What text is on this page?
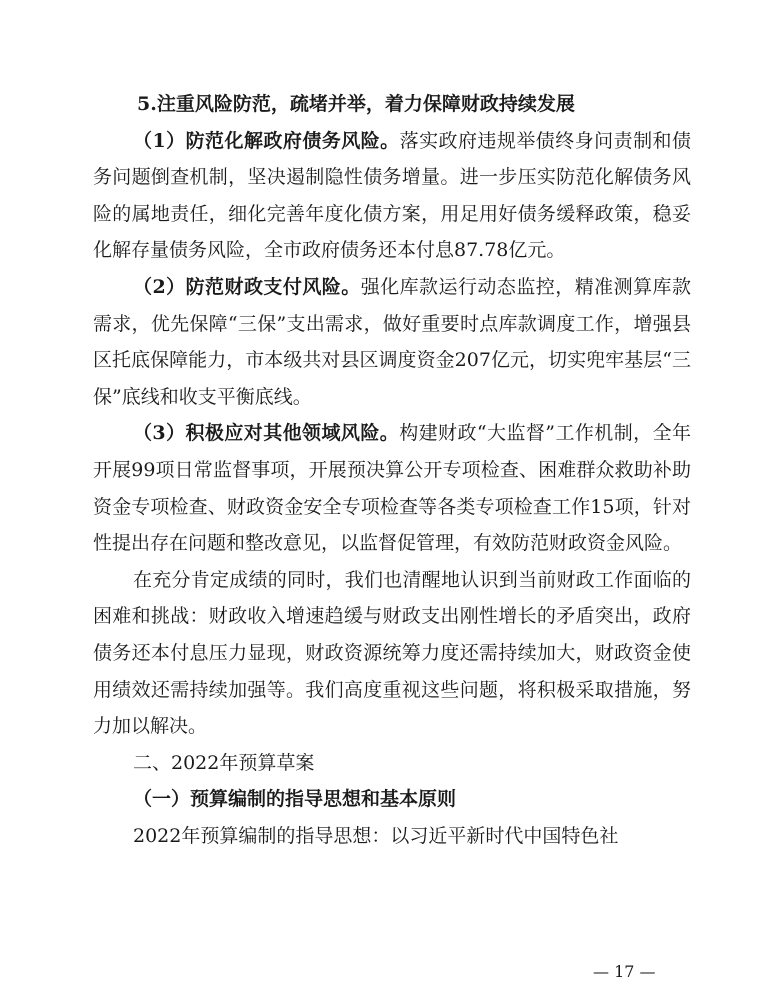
5.注重风险防范，疏堵并举，着力保障财政持续发展

（1）防范化解政府债务风险。落实政府违规举债终身问责制和债务问题倒查机制，坚决遏制隐性债务增量。进一步压实防范化解债务风险的属地责任，细化完善年度化债方案，用足用好债务缓释政策，稳妥化解存量债务风险，全市政府债务还本付息87.78亿元。

（2）防范财政支付风险。强化库款运行动态监控，精准测算库款需求，优先保障“三保”支出需求，做好重要时点库款调度工作，增强县区托底保障能力，市本级共对县区调度资金207亿元，切实兜牢基层“三保”底线和收支平衡底线。

（3）积极应对其他领域风险。构建财政“大监督”工作机制，全年开展99项日常监督事项，开展预决算公开专项检查、困难群众救助补助资金专项检查、财政资金安全专项检查等各类专项检查工作15项，针对性提出存在问题和整改意见，以监督促管理，有效防范财政资金风险。

在充分肯定成绩的同时，我们也清醒地认识到当前财政工作面临的困难和挑战：财政收入增速趋缓与财政支出刚性增长的矛盾突出，政府债务还本付息压力显现，财政资源统筹力度还需持续加大，财政资金使用绩效还需持续加强等。我们高度重视这些问题，将积极采取措施，努力加以解决。

二、2022年预算草案

（一）预算编制的指导思想和基本原则

2022年预算编制的指导思想：以习近平新时代中国特色社

— 17 —
